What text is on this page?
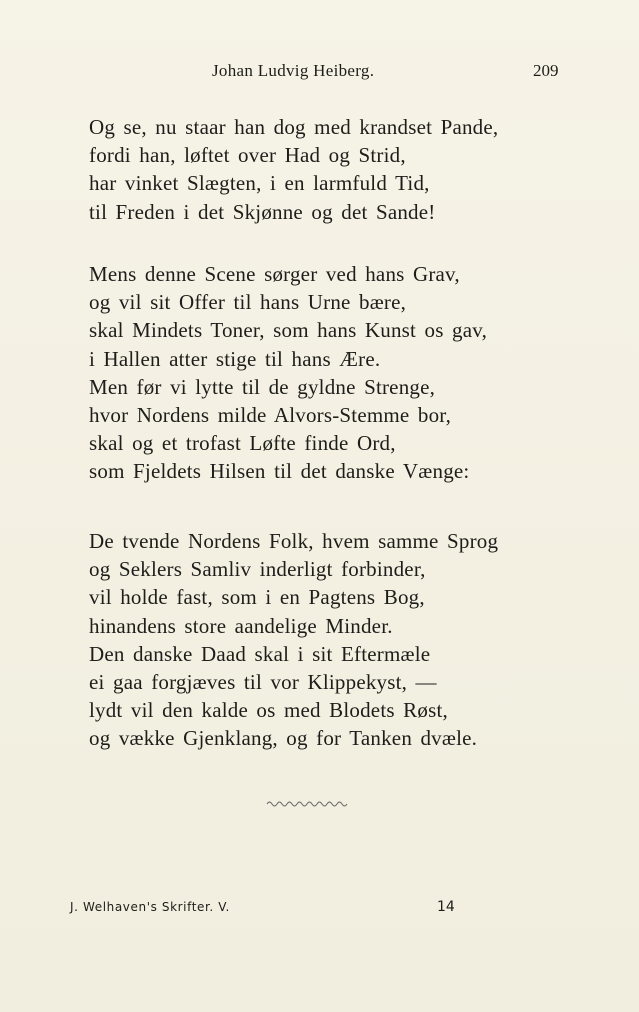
Johan Ludvig Heiberg.	209
Og se, nu staar han dog med krandset Pande,
fordi han, løftet over Had og Strid,
har vinket Slægten, i en larmfuld Tid,
til Freden i det Skjønne og det Sande!
Mens denne Scene sørger ved hans Grav,
og vil sit Offer til hans Urne bære,
skal Mindets Toner, som hans Kunst os gav,
i Hallen atter stige til hans Ære.
Men før vi lytte til de gyldne Strenge,
hvor Nordens milde Alvors-Stemme bor,
skal og et trofast Løfte finde Ord,
som Fjeldets Hilsen til det danske Vænge:
De tvende Nordens Folk, hvem samme Sprog
og Seklers Samliv inderligt forbinder,
vil holde fast, som i en Pagtens Bog,
hinandens store aandelige Minder.
Den danske Daad skal i sit Eftermæle
ei gaa forgjæves til vor Klippekyst, —
lydt vil den kalde os med Blodets Røst,
og vække Gjenklang, og for Tanken dvæle.
J. Welhaven's Skrifter. V.	14
